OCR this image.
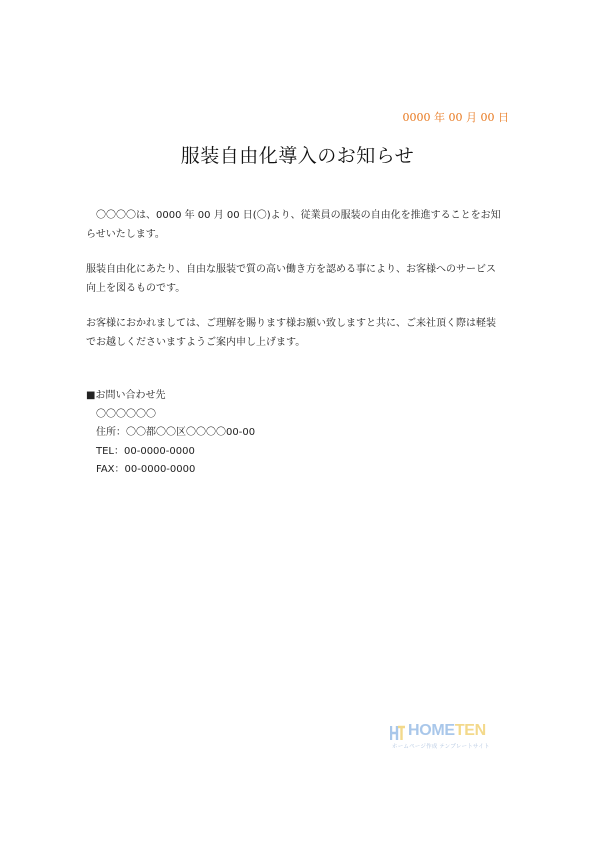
0000 年 00 月 00 日
服装自由化導入のお知らせ
〇〇〇〇は、0000 年 00 月 00 日(〇)より、従業員の服装の自由化を推進することをお知
らせいたします。
服装自由化にあたり、自由な服装で質の高い働き方を認める事により、お客様へのサービス
向上を図るものです。
お客様におかれましては、ご理解を賜ります様お願い致しますと共に、ご来社頂く際は軽装
でお越しくださいますようご案内申し上げます。
■お問い合わせ先
〇〇〇〇〇〇
住所：〇〇都〇〇区〇〇〇〇00-00
TEL：00-0000-0000
FAX：00-0000-0000
HOMETEN
ホームページ作成 テンプレートサイト
